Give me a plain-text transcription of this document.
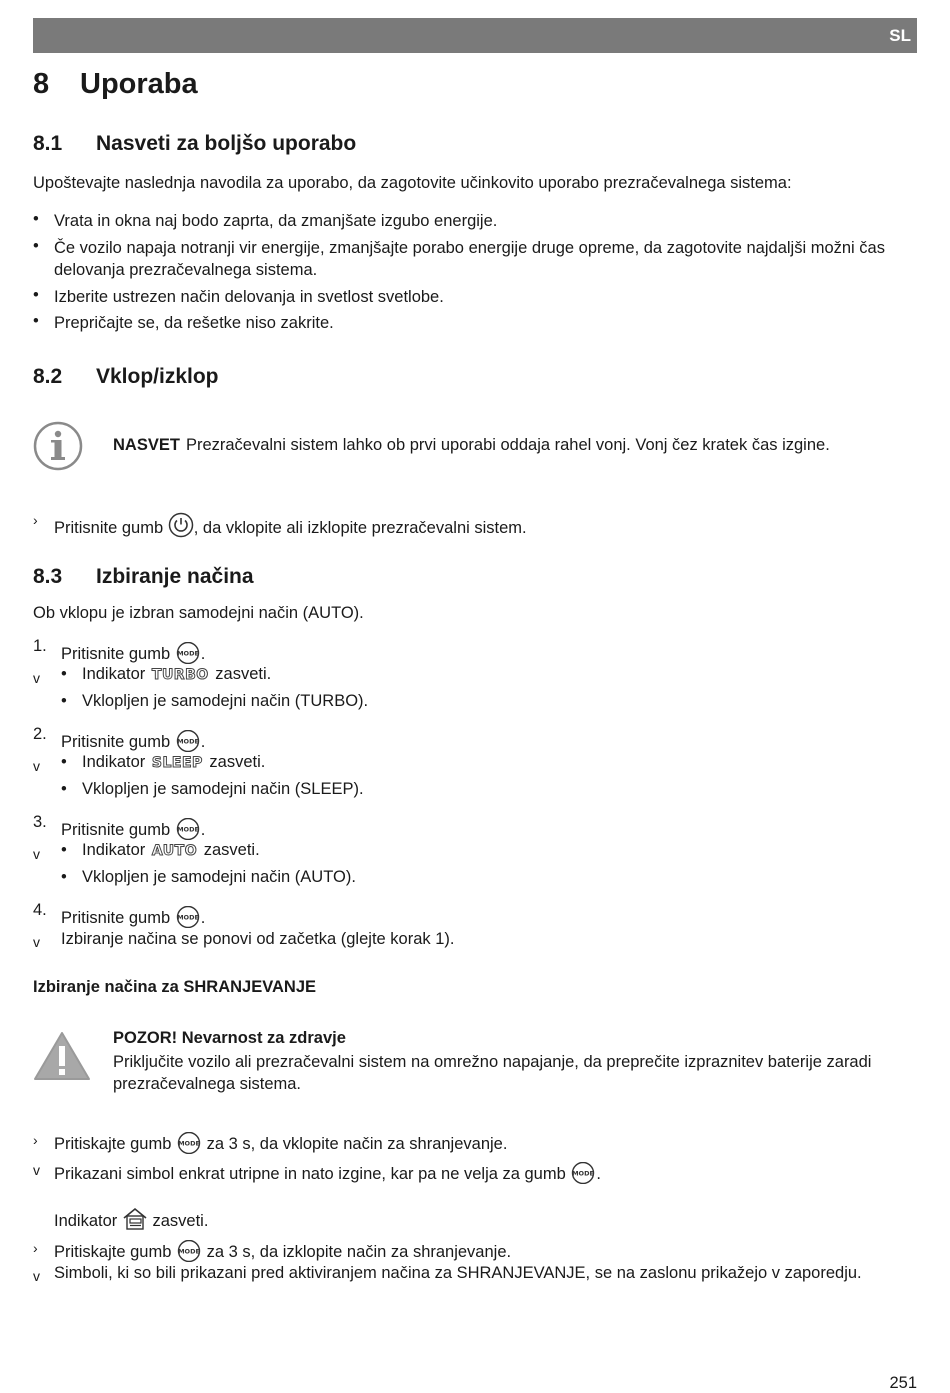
SL
8 Uporaba
8.1 Nasveti za boljšo uporabo
Upoštevajte naslednja navodila za uporabo, da zagotovite učinkovito uporabo prezračevalnega sistema:
• Vrata in okna naj bodo zaprta, da zmanjšate izgubo energije.
• Če vozilo napaja notranji vir energije, zmanjšajte porabo energije druge opreme, da zagotovite najdaljši možni čas delovanja prezračevalnega sistema.
• Izberite ustrezen način delovanja in svetlost svetlobe.
• Prepričajte se, da rešetke niso zakrite.
8.2 Vklop/izklop
NASVET Prezračevalni sistem lahko ob prvi uporabi oddaja rahel vonj. Vonj čez kratek čas izgine.
› Pritisnite gumb , da vklopite ali izklopite prezračevalni sistem.
8.3 Izbiranje načina
Ob vklopu je izbran samodejni način (AUTO).
1. Pritisnite gumb MODE .
v • Indikator TURBO zasveti.
• Vklopljen je samodejni način (TURBO).
2. Pritisnite gumb MODE .
v • Indikator SLEEP zasveti.
• Vklopljen je samodejni način (SLEEP).
3. Pritisnite gumb MODE .
v • Indikator AUTO zasveti.
• Vklopljen je samodejni način (AUTO).
4. Pritisnite gumb MODE .
v Izbiranje načina se ponovi od začetka (glejte korak 1).
Izbiranje načina za SHRANJEVANJE
POZOR! Nevarnost za zdravje
Priključite vozilo ali prezračevalni sistem na omrežno napajanje, da preprečite izpraznitev baterije zaradi prezračevalnega sistema.
› Pritiskajte gumb MODE za 3 s, da vklopite način za shranjevanje.
v Prikazani simbol enkrat utripne in nato izgine, kar pa ne velja za gumb MODE .
Indikator zasveti.
› Pritiskajte gumb MODE za 3 s, da izklopite način za shranjevanje.
v Simboli, ki so bili prikazani pred aktiviranjem načina za SHRANJEVANJE, se na zaslonu prikažejo v zaporedju.
251
